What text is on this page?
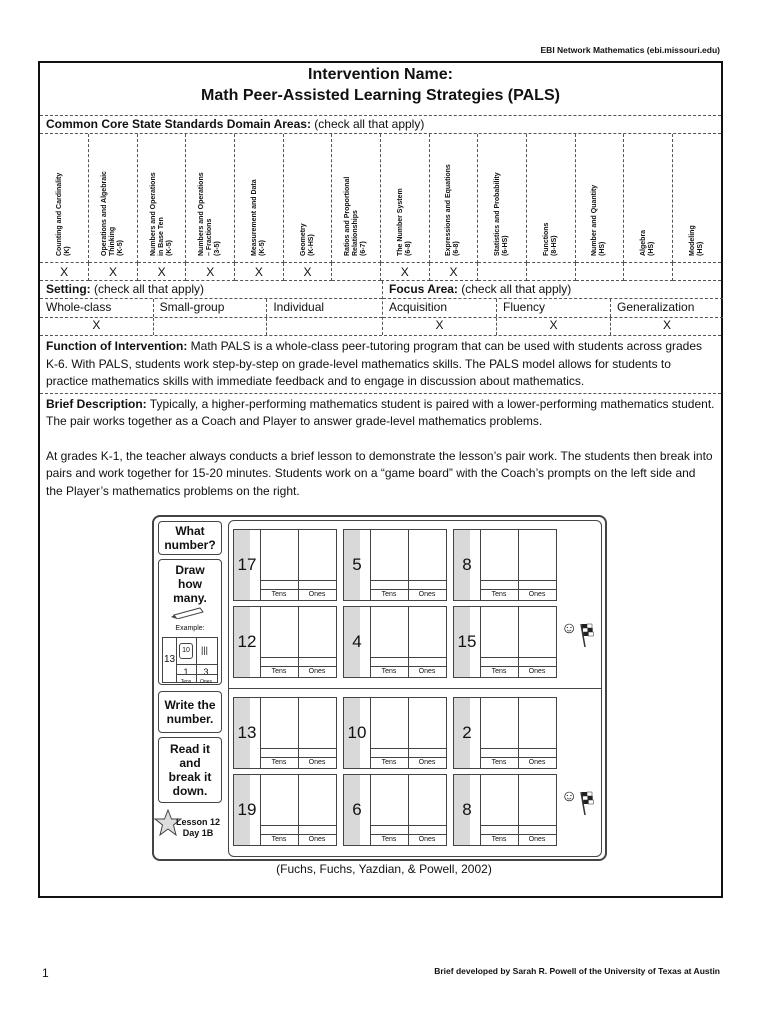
EBI Network Mathematics (ebi.missouri.edu)
Intervention Name:
Math Peer-Assisted Learning Strategies (PALS)
Common Core State Standards Domain Areas: (check all that apply)
Counting and Cardinality (K)	Operations and Algebraic Thinking (K-5)	Numbers and Operations in Base Ten (K-5)	Numbers and Operations – Fractions (3-5)	Measurement and Data (K-5)	Geometry (K-HS)	Ratios and Proportional Relationships (6-7)	The Number System (6-8)	Expressions and Equations (6-8)	Statistics and Probability (6-HS)	Functions (8-HS)	Number and Quantity (HS)	Algebra (HS)	Modeling (HS)

X	X	X	X	X	X		X	X					
Setting: (check all that apply)
Whole-class	Small-group	Individual
X
Focus Area: (check all that apply)
Acquisition	Fluency	Generalization
X	X	X
Function of Intervention: Math PALS is a whole-class peer-tutoring program that can be used with students across grades K-6. With PALS, students work step-by-step on grade-level mathematics skills. The PALS model allows for students to practice mathematics skills with immediate feedback and to engage in discussion about mathematics.

Brief Description: Typically, a higher-performing mathematics student is paired with a lower-performing mathematics student. The pair works together as a Coach and Player to answer grade-level mathematics problems.

At grades K-1, the teacher always conducts a brief lesson to demonstrate the lesson’s pair work. The students then break into pairs and work together for 15-20 minutes. Students work on a “game board” with the Coach’s prompts on the left side and the Player’s mathematics problems on the right.

What number?
Draw how many.
Example:
13
10	|||
1	3
Tens	Ones
Write the number.
Read it and break it down.
Lesson 12
Day 1B
17
Tens	Ones
5
Tens	Ones
8
Tens	Ones
12
Tens	Ones
4
Tens	Ones
15
Tens	Ones
☺
13
Tens	Ones
10
Tens	Ones
2
Tens	Ones
19
Tens	Ones
6
Tens	Ones
8
Tens	Ones
☺
(Fuchs, Fuchs, Yazdian, & Powell, 2002)
1	Brief developed by Sarah R. Powell of the University of Texas at Austin
